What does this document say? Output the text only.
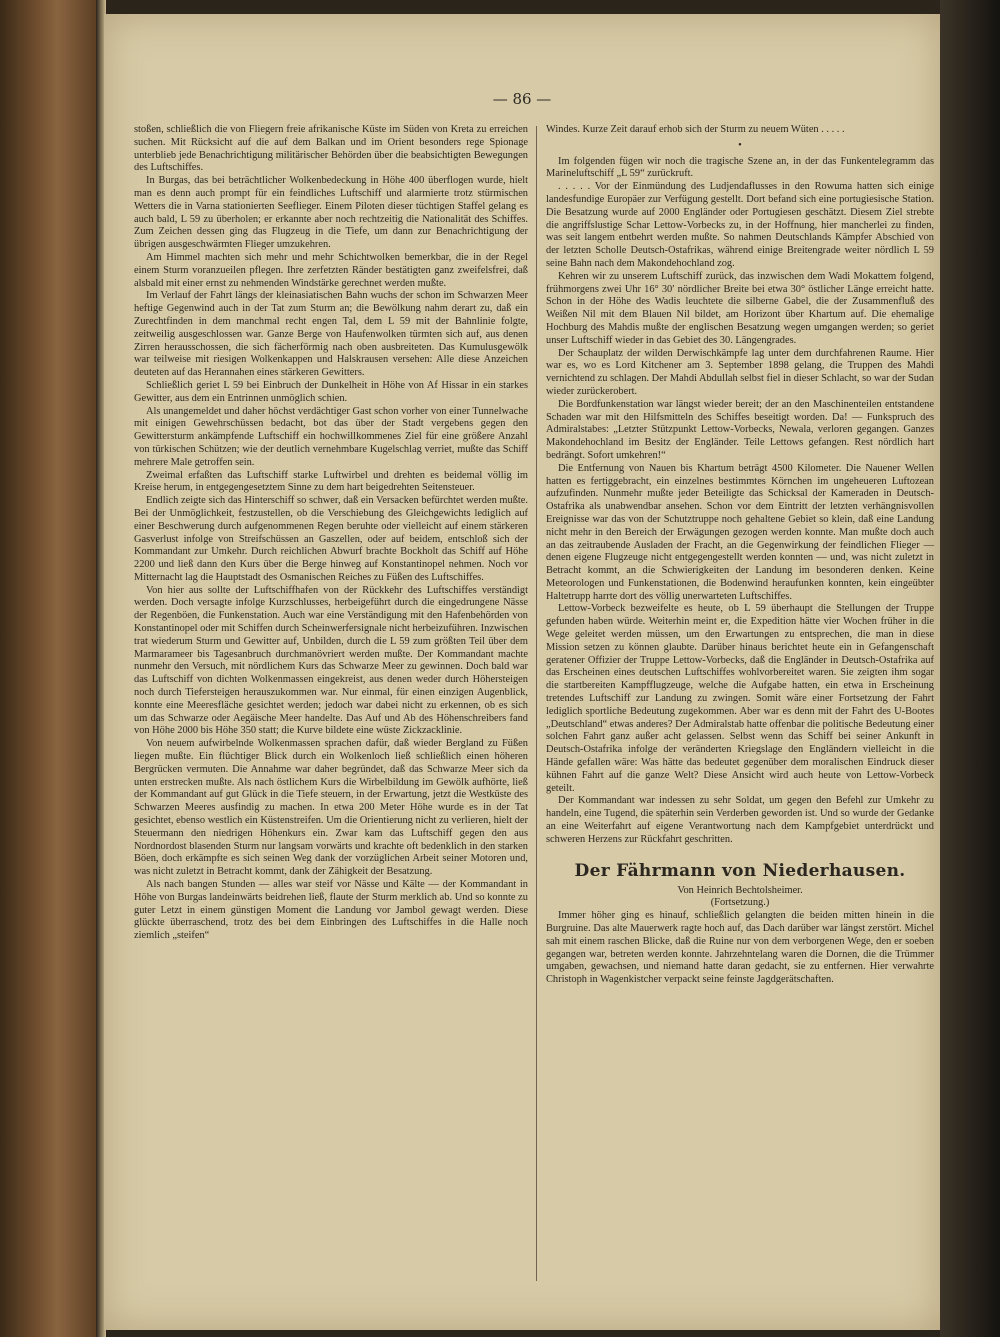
— 86 —

stoßen, schließlich die von Fliegern freie afrikanische Küste im Süden von Kreta zu erreichen suchen. Mit Rücksicht auf die auf dem Balkan und im Orient besonders rege Spionage unterblieb jede Benachrichtigung militärischer Behörden über die beabsichtigten Bewegungen des Luftschiffes.

In Burgas, das bei beträchtlicher Wolkenbedeckung in Höhe 400 überflogen wurde, hielt man es denn auch prompt für ein feindliches Luftschiff und alarmierte trotz stürmischen Wetters die in Varna stationierten Seeflieger. Einem Piloten dieser tüchtigen Staffel gelang es auch bald, L 59 zu überholen; er erkannte aber noch rechtzeitig die Nationalität des Schiffes. Zum Zeichen dessen ging das Flugzeug in die Tiefe, um dann zur Benachrichtigung der übrigen ausgeschwärmten Flieger umzukehren.

Am Himmel machten sich mehr und mehr Schichtwolken bemerkbar, die in der Regel einem Sturm voranzueilen pflegen. Ihre zerfetzten Ränder bestätigten ganz zweifelsfrei, daß alsbald mit einer ernst zu nehmenden Windstärke gerechnet werden mußte.

Im Verlauf der Fahrt längs der kleinasiatischen Bahn wuchs der schon im Schwarzen Meer heftige Gegenwind auch in der Tat zum Sturm an; die Bewölkung nahm derart zu, daß ein Zurechtfinden in dem manchmal recht engen Tal, dem L 59 mit der Bahnlinie folgte, zeitweilig ausgeschlossen war. Ganze Berge von Haufenwolken türmten sich auf, aus denen Zirren herausschossen, die sich fächerförmig nach oben ausbreiteten. Das Kumulusgewölk war teilweise mit riesigen Wolkenkappen und Halskrausen versehen: Alle diese Anzeichen deuteten auf das Herannahen eines stärkeren Gewitters.

Schließlich geriet L 59 bei Einbruch der Dunkelheit in Höhe von Af Hissar in ein starkes Gewitter, aus dem ein Entrinnen unmöglich schien.

Als unangemeldet und daher höchst verdächtiger Gast schon vorher von einer Tunnelwache mit einigen Gewehrschüssen bedacht, bot das über der Stadt vergebens gegen den Gewittersturm ankämpfende Luftschiff ein hochwillkommenes Ziel für eine größere Anzahl von türkischen Schützen; wie der deutlich vernehmbare Kugelschlag verriet, mußte das Schiff mehrere Male getroffen sein.

Zweimal erfaßten das Luftschiff starke Luftwirbel und drehten es beidemal völlig im Kreise herum, in entgegengesetztem Sinne zu dem hart beigedrehten Seitensteuer.

Endlich zeigte sich das Hinterschiff so schwer, daß ein Versacken befürchtet werden mußte. Bei der Unmöglichkeit, festzustellen, ob die Verschiebung des Gleichgewichts lediglich auf einer Beschwerung durch aufgenommenen Regen beruhte oder vielleicht auf einem stärkeren Gasverlust infolge von Streifschüssen an Gaszellen, oder auf beidem, entschloß sich der Kommandant zur Umkehr. Durch reichlichen Abwurf brachte Bockholt das Schiff auf Höhe 2200 und ließ dann den Kurs über die Berge hinweg auf Konstantinopel nehmen. Noch vor Mitternacht lag die Hauptstadt des Osmanischen Reiches zu Füßen des Luftschiffes.

Von hier aus sollte der Luftschiffhafen von der Rückkehr des Luftschiffes verständigt werden. Doch versagte infolge Kurzschlusses, herbeigeführt durch die eingedrungene Nässe der Regenböen, die Funkenstation. Auch war eine Verständigung mit den Hafenbehörden von Konstantinopel oder mit Schiffen durch Scheinwerfersignale nicht herbeizuführen. Inzwischen trat wiederum Sturm und Gewitter auf, Unbilden, durch die L 59 zum größten Teil über dem Marmarameer bis Tagesanbruch durchmanövriert werden mußte. Der Kommandant machte nunmehr den Versuch, mit nördlichem Kurs das Schwarze Meer zu gewinnen. Doch bald war das Luftschiff von dichten Wolkenmassen eingekreist, aus denen weder durch Höhersteigen noch durch Tiefersteigen herauszukommen war. Nur einmal, für einen einzigen Augenblick, konnte eine Meeresfläche gesichtet werden; jedoch war dabei nicht zu erkennen, ob es sich um das Schwarze oder Aegäische Meer handelte. Das Auf und Ab des Höhenschreibers fand von Höhe 2000 bis Höhe 350 statt; die Kurve bildete eine wüste Zickzacklinie.

Von neuem aufwirbelnde Wolkenmassen sprachen dafür, daß wieder Bergland zu Füßen liegen mußte. Ein flüchtiger Blick durch ein Wolkenloch ließ schließlich einen höheren Bergrücken vermuten. Die Annahme war daher begründet, daß das Schwarze Meer sich da unten erstrecken mußte. Als nach östlichem Kurs die Wirbelbildung im Gewölk aufhörte, ließ der Kommandant auf gut Glück in die Tiefe steuern, in der Erwartung, jetzt die Westküste des Schwarzen Meeres ausfindig zu machen. In etwa 200 Meter Höhe wurde es in der Tat gesichtet, ebenso westlich ein Küstenstreifen. Um die Orientierung nicht zu verlieren, hielt der Steuermann den niedrigen Höhenkurs ein. Zwar kam das Luftschiff gegen den aus Nordnordost blasenden Sturm nur langsam vorwärts und krachte oft bedenklich in den starken Böen, doch erkämpfte es sich seinen Weg dank der vorzüglichen Arbeit seiner Motoren und, was nicht zuletzt in Betracht kommt, dank der Zähigkeit der Besatzung.

Als nach bangen Stunden — alles war steif vor Nässe und Kälte — der Kommandant in Höhe von Burgas landeinwärts beidrehen ließ, flaute der Sturm merklich ab. Und so konnte zu guter Letzt in einem günstigen Moment die Landung vor Jambol gewagt werden. Diese glückte überraschend, trotz des bei dem Einbringen des Luftschiffes in die Halle noch ziemlich „steifen“

Windes. Kurze Zeit darauf erhob sich der Sturm zu neuem Wüten . . . . .

•

Im folgenden fügen wir noch die tragische Szene an, in der das Funkentelegramm das Marineluftschiff „L 59“ zurückruft.

. . . . . Vor der Einmündung des Ludjendaflusses in den Rowuma hatten sich einige landesfundige Europäer zur Verfügung gestellt. Dort befand sich eine portugiesische Station. Die Besatzung wurde auf 2000 Engländer oder Portugiesen geschätzt. Diesem Ziel strebte die angriffslustige Schar Lettow-Vorbecks zu, in der Hoffnung, hier mancherlei zu finden, was seit langem entbehrt werden mußte. So nahmen Deutschlands Kämpfer Abschied von der letzten Scholle Deutsch-Ostafrikas, während einige Breitengrade weiter nördlich L 59 seine Bahn nach dem Makondehochland zog.

Kehren wir zu unserem Luftschiff zurück, das inzwischen dem Wadi Mokattem folgend, frühmorgens zwei Uhr 16° 30′ nördlicher Breite bei etwa 30° östlicher Länge erreicht hatte. Schon in der Höhe des Wadis leuchtete die silberne Gabel, die der Zusammenfluß des Weißen Nil mit dem Blauen Nil bildet, am Horizont über Khartum auf. Die ehemalige Hochburg des Mahdis mußte der englischen Besatzung wegen umgangen werden; so geriet unser Luftschiff wieder in das Gebiet des 30. Längengrades.

Der Schauplatz der wilden Derwischkämpfe lag unter dem durchfahrenen Raume. Hier war es, wo es Lord Kitchener am 3. September 1898 gelang, die Truppen des Mahdi vernichtend zu schlagen. Der Mahdi Abdullah selbst fiel in dieser Schlacht, so war der Sudan wieder zurückerobert.

Die Bordfunkenstation war längst wieder bereit; der an den Maschinenteilen entstandene Schaden war mit den Hilfsmitteln des Schiffes beseitigt worden. Da! — Funkspruch des Admiralstabes: „Letzter Stützpunkt Lettow-Vorbecks, Newala, verloren gegangen. Ganzes Makondehochland im Besitz der Engländer. Teile Lettows gefangen. Rest nördlich hart bedrängt. Sofort umkehren!“

Die Entfernung von Nauen bis Khartum beträgt 4500 Kilometer. Die Nauener Wellen hatten es fertiggebracht, ein einzelnes bestimmtes Körnchen im ungeheueren Luftozean aufzufinden. Nunmehr mußte jeder Beteiligte das Schicksal der Kameraden in Deutsch-Ostafrika als unabwendbar ansehen. Schon vor dem Eintritt der letzten verhängnisvollen Ereignisse war das von der Schutztruppe noch gehaltene Gebiet so klein, daß eine Landung nicht mehr in den Bereich der Erwägungen gezogen werden konnte. Man mußte doch auch an das zeitraubende Ausladen der Fracht, an die Gegenwirkung der feindlichen Flieger — denen eigene Flugzeuge nicht entgegengestellt werden konnten — und, was nicht zuletzt in Betracht kommt, an die Schwierigkeiten der Landung im besonderen denken. Keine Meteorologen und Funkenstationen, die Bodenwind heraufunken konnten, kein eingeübter Haltetrupp harrte dort des völlig unerwarteten Luftschiffes.

Lettow-Vorbeck bezweifelte es heute, ob L 59 überhaupt die Stellungen der Truppe gefunden haben würde. Weiterhin meint er, die Expedition hätte vier Wochen früher in die Wege geleitet werden müssen, um den Erwartungen zu entsprechen, die man in diese Mission setzen zu können glaubte. Darüber hinaus berichtet heute ein in Gefangenschaft geratener Offizier der Truppe Lettow-Vorbecks, daß die Engländer in Deutsch-Ostafrika auf das Erscheinen eines deutschen Luftschiffes wohlvorbereitet waren. Sie zeigten ihm sogar die startbereiten Kampfflugzeuge, welche die Aufgabe hatten, ein etwa in Erscheinung tretendes Luftschiff zur Landung zu zwingen. Somit wäre einer Fortsetzung der Fahrt lediglich sportliche Bedeutung zugekommen. Aber war es denn mit der Fahrt des U-Bootes „Deutschland“ etwas anderes? Der Admiralstab hatte offenbar die politische Bedeutung einer solchen Fahrt ganz außer acht gelassen. Selbst wenn das Schiff bei seiner Ankunft in Deutsch-Ostafrika infolge der veränderten Kriegslage den Engländern vielleicht in die Hände gefallen wäre: Was hätte das bedeutet gegenüber dem moralischen Eindruck dieser kühnen Fahrt auf die ganze Welt? Diese Ansicht wird auch heute von Lettow-Vorbeck geteilt.

Der Kommandant war indessen zu sehr Soldat, um gegen den Befehl zur Umkehr zu handeln, eine Tugend, die späterhin sein Verderben geworden ist. Und so wurde der Gedanke an eine Weiterfahrt auf eigene Verantwortung nach dem Kampfgebiet unterdrückt und schweren Herzens zur Rückfahrt geschritten.

Der Fährmann von Niederhausen.

Von Heinrich Bechtolsheimer.

(Fortsetzung.)

Immer höher ging es hinauf, schließlich gelangten die beiden mitten hinein in die Burgruine. Das alte Mauerwerk ragte hoch auf, das Dach darüber war längst zerstört. Michel sah mit einem raschen Blicke, daß die Ruine nur von dem verborgenen Wege, den er soeben gegangen war, betreten werden konnte. Jahrzehntelang waren die Dornen, die die Trümmer umgaben, gewachsen, und niemand hatte daran gedacht, sie zu entfernen. Hier verwahrte Christoph in Wagenkistcher verpackt seine feinste Jagdgerätschaften.
